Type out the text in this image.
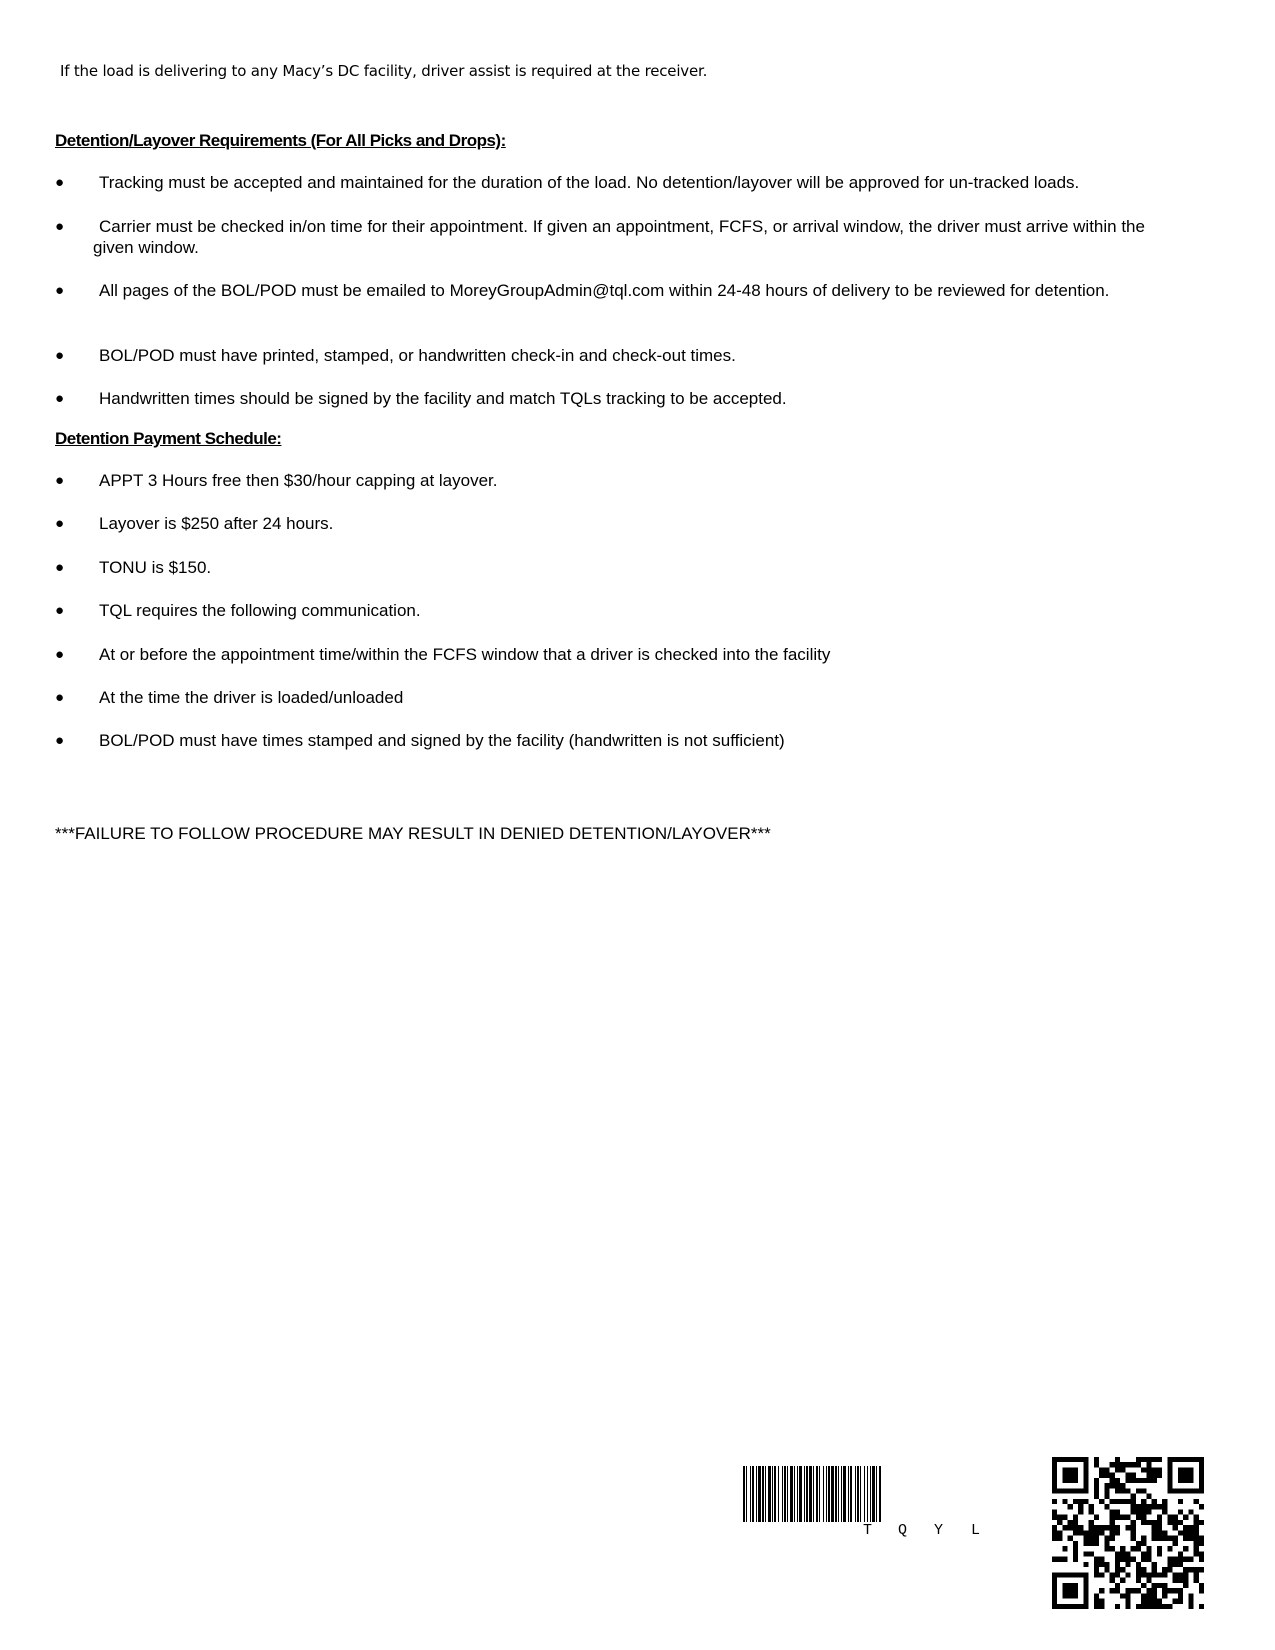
If the load is delivering to any Macy’s DC facility, driver assist is required at the receiver.
Detention/Layover Requirements (For All Picks and Drops):
●	Tracking must be accepted and maintained for the duration of the load. No detention/layover will be approved for un-tracked loads.
●	Carrier must be checked in/on time for their appointment. If given an appointment, FCFS, or arrival window, the driver must arrive within the given window.
●	All pages of the BOL/POD must be emailed to MoreyGroupAdmin@tql.com within 24-48 hours of delivery to be reviewed for detention.
●	BOL/POD must have printed, stamped, or handwritten check-in and check-out times.
●	Handwritten times should be signed by the facility and match TQLs tracking to be accepted.
Detention Payment Schedule:
●	APPT 3 Hours free then $30/hour capping at layover.
●	Layover is $250 after 24 hours.
●	TONU is $150.
●	TQL requires the following communication.
●	At or before the appointment time/within the FCFS window that a driver is checked into the facility
●	At the time the driver is loaded/unloaded
●	BOL/POD must have times stamped and signed by the facility (handwritten is not sufficient)
***FAILURE TO FOLLOW PROCEDURE MAY RESULT IN DENIED DETENTION/LAYOVER***
T Q Y L
